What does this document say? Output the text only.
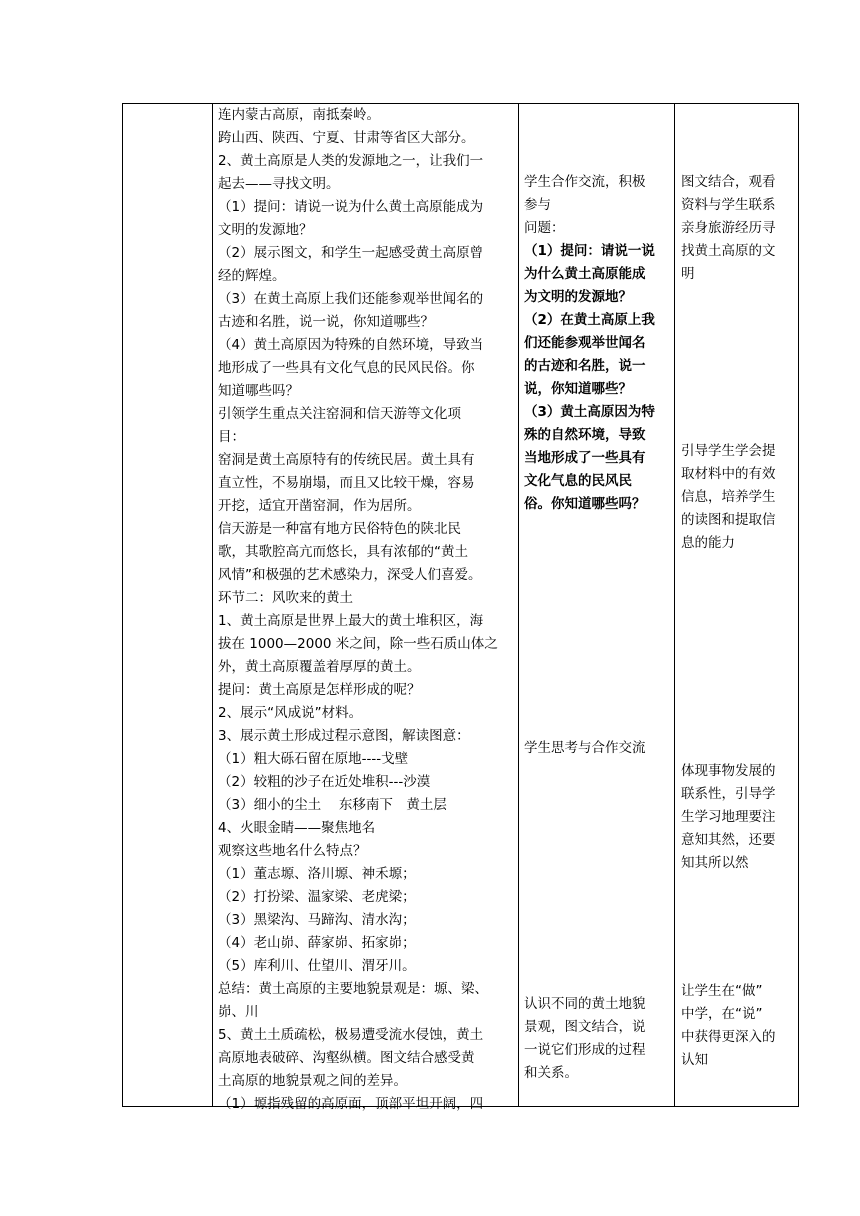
连内蒙古高原，南抵秦岭。

跨山西、陕西、宁夏、甘肃等省区大部分。

2、黄土高原是人类的发源地之一，让我们一

起去——寻找文明。

（1）提问：请说一说为什么黄土高原能成为

文明的发源地？

（2）展示图文，和学生一起感受黄土高原曾

经的辉煌。

（3）在黄土高原上我们还能参观举世闻名的

古迹和名胜，说一说，你知道哪些？

（4）黄土高原因为特殊的自然环境，导致当

地形成了一些具有文化气息的民风民俗。你

知道哪些吗？

引领学生重点关注窑洞和信天游等文化项

目：

窑洞是黄土高原特有的传统民居。黄土具有

直立性，不易崩塌，而且又比较干燥，容易

开挖，适宜开凿窑洞，作为居所。

信天游是一种富有地方民俗特色的陕北民

歌，其歌腔高亢而悠长，具有浓郁的“黄土

风情”和极强的艺术感染力，深受人们喜爱。

环节二：风吹来的黄土

1、黄土高原是世界上最大的黄土堆积区，海

拔在 1000—2000 米之间，除一些石质山体之

外，黄土高原覆盖着厚厚的黄土。

提问：黄土高原是怎样形成的呢？

2、展示“风成说”材料。

3、展示黄土形成过程示意图，解读图意：

（1）粗大砾石留在原地----戈壁

（2）较粗的沙子在近处堆积---沙漠

（3）细小的尘土　 东移南下　黄土层

4、火眼金睛——聚焦地名

观察这些地名什么特点？

（1）董志塬、洛川塬、神禾塬；

（2）打扮梁、温家梁、老虎梁；

（3）黑梁沟、马蹄沟、清水沟；

（4）老山峁、薛家峁、拓家峁；

（5）库利川、仕望川、渭牙川。

总结：黄土高原的主要地貌景观是：塬、梁、

峁、川

5、黄土土质疏松，极易遭受流水侵蚀，黄土

高原地表破碎、沟壑纵横。图文结合感受黄

土高原的地貌景观之间的差异。

（1）塬指残留的高原面，顶部平坦开阔，四

学生合作交流，积极

参与

问题：

（1）提问：请说一说

为什么黄土高原能成

为文明的发源地？

（2）在黄土高原上我

们还能参观举世闻名

的古迹和名胜，说一

说，你知道哪些？

（3）黄土高原因为特

殊的自然环境，导致

当地形成了一些具有

文化气息的民风民

俗。你知道哪些吗？

学生思考与合作交流

认识不同的黄土地貌

景观，图文结合，说

一说它们形成的过程

和关系。

图文结合，观看

资料与学生联系

亲身旅游经历寻

找黄土高原的文

明

引导学生学会提

取材料中的有效

信息，培养学生

的读图和提取信

息的能力

体现事物发展的

联系性，引导学

生学习地理要注

意知其然，还要

知其所以然

让学生在“做”

中学，在“说”

中获得更深入的

认知
